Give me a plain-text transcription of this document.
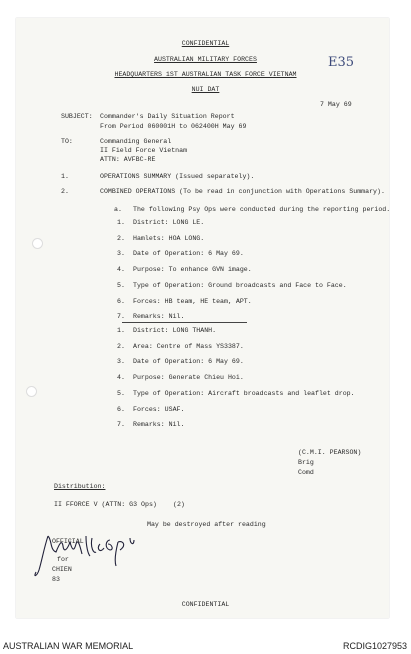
CONFIDENTIAL
AUSTRALIAN MILITARY FORCES
HEADQUARTERS 1ST AUSTRALIAN TASK FORCE VIETNAM
NUI DAT
E35
7 May 69
SUBJECT: Commander's Daily Situation Report
From Period 060001H to 062400H May 69
TO:	Commanding General
II Field Force Vietnam
ATTN: AVFBC-RE
1.	OPERATIONS SUMMARY (Issued separately).
2.	COMBINED OPERATIONS (To be read in conjunction with Operations Summary).
a. The following Psy Ops were conducted during the reporting period.
1. District: LONG LE.
2. Hamlets: HOA LONG.
3. Date of Operation: 6 May 69.
4. Purpose: To enhance GVN image.
5. Type of Operation: Ground broadcasts and Face to Face.
6. Forces: HB team, HE team, APT.
7. Remarks: Nil.
1. District: LONG THANH.
2. Area: Centre of Mass YS3387.
3. Date of Operation: 6 May 69.
4. Purpose: Generate Chieu Hoi.
5. Type of Operation: Aircraft broadcasts and leaflet drop.
6. Forces: USAF.
7. Remarks: Nil.
(C.M.I. PEARSON)
Brig
Comd
Distribution:
II FFORCE V (ATTN: G3 Ops) (2)
May be destroyed after reading
OFFICIAL
for
CHIEN
83
CONFIDENTIAL
AUSTRALIAN WAR MEMORIAL	RCDIG1027953
